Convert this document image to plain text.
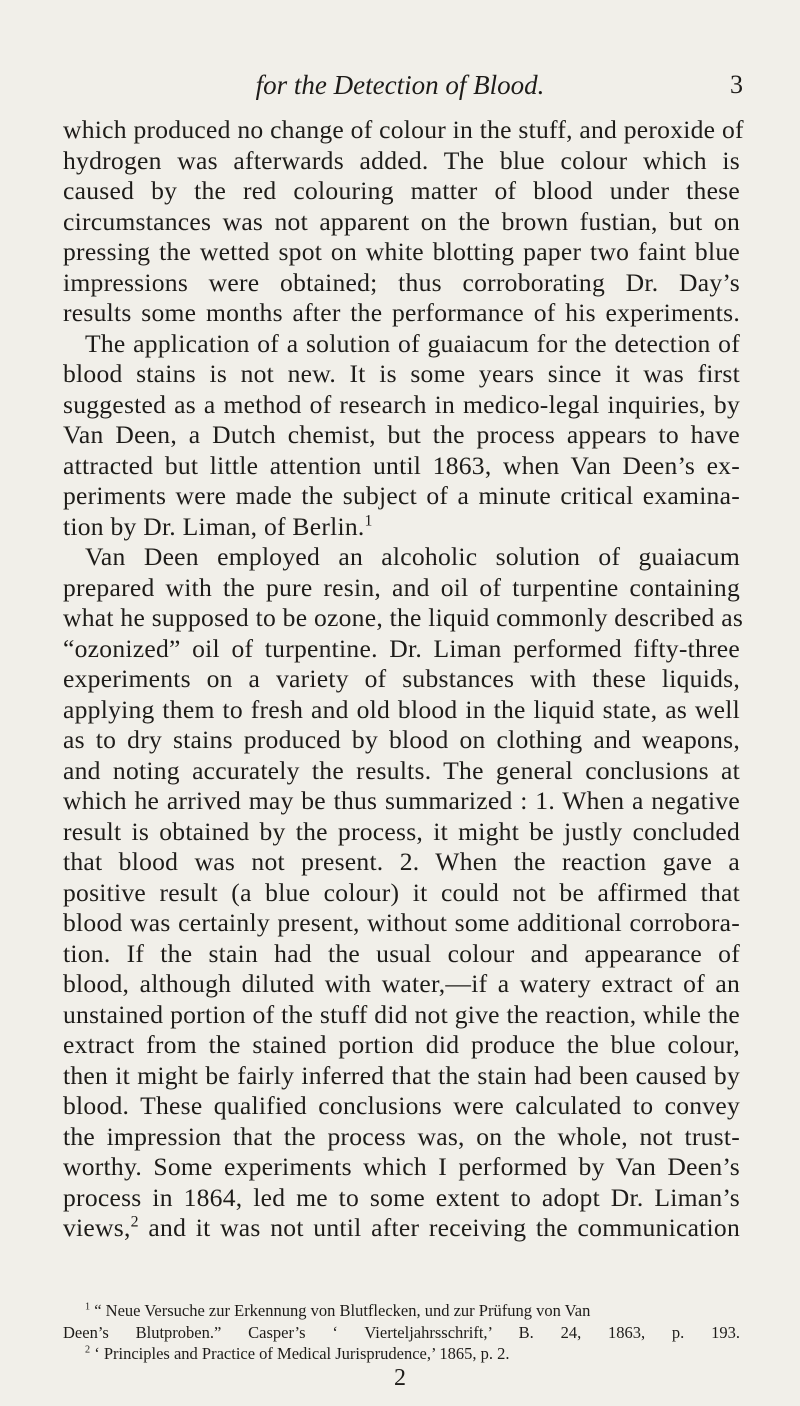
for the Detection of Blood.	3
which produced no change of colour in the stuff, and peroxide of
hydrogen was afterwards added. The blue colour which is
caused by the red colouring matter of blood under these
circumstances was not apparent on the brown fustian, but on
pressing the wetted spot on white blotting paper two faint blue
impressions were obtained; thus corroborating Dr. Day’s
results some months after the performance of his experiments.
The application of a solution of guaiacum for the detection of
blood stains is not new. It is some years since it was first
suggested as a method of research in medico-legal inquiries, by
Van Deen, a Dutch chemist, but the process appears to have
attracted but little attention until 1863, when Van Deen’s ex-
periments were made the subject of a minute critical examina-
tion by Dr. Liman, of Berlin.$^1$
Van Deen employed an alcoholic solution of guaiacum
prepared with the pure resin, and oil of turpentine containing
what he supposed to be ozone, the liquid commonly described as
“ozonized” oil of turpentine. Dr. Liman performed fifty-three
experiments on a variety of substances with these liquids,
applying them to fresh and old blood in the liquid state, as well
as to dry stains produced by blood on clothing and weapons,
and noting accurately the results. The general conclusions at
which he arrived may be thus summarized : 1. When a negative
result is obtained by the process, it might be justly concluded
that blood was not present. 2. When the reaction gave a
positive result (a blue colour) it could not be affirmed that
blood was certainly present, without some additional corrobora-
tion. If the stain had the usual colour and appearance of
blood, although diluted with water,—if a watery extract of an
unstained portion of the stuff did not give the reaction, while the
extract from the stained portion did produce the blue colour,
then it might be fairly inferred that the stain had been caused by
blood. These qualified conclusions were calculated to convey
the impression that the process was, on the whole, not trust-
worthy. Some experiments which I performed by Van Deen’s
process in 1864, led me to some extent to adopt Dr. Liman’s
views,$^2$ and it was not until after receiving the communication
$^1$ “ Neue Versuche zur Erkennung von Blutflecken, und zur Prüfung von Van
Deen’s Blutproben.” Casper’s ‘ Vierteljahrsschrift,’ B. 24, 1863, p. 193.
$^2$ ‘ Principles and Practice of Medical Jurisprudence,’ 1865, p. 2.
2
